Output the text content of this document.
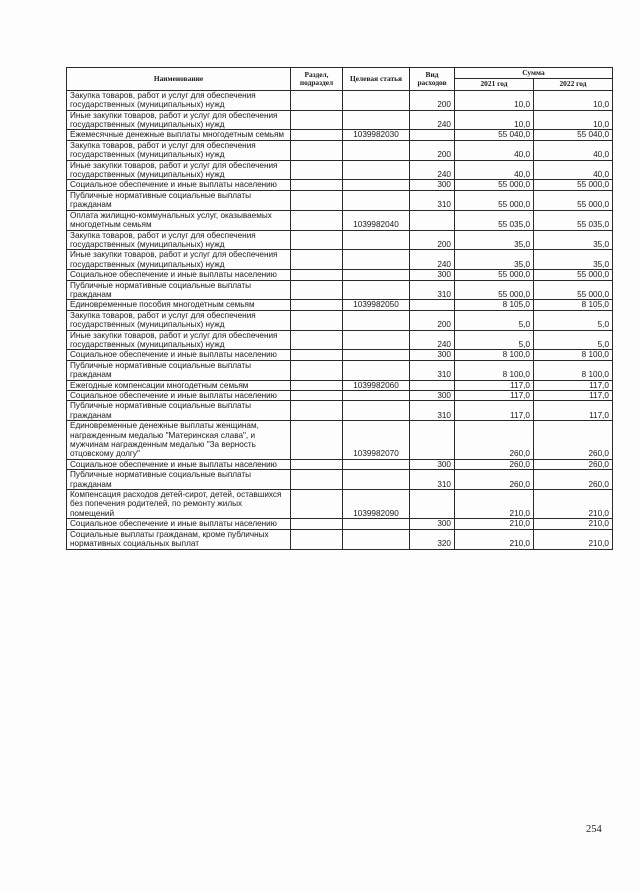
Наименование	Раздел, подраздел	Целевая статья	Вид расходов	Сумма	
				2021 год	2022 год
Закупка товаров, работ и услуг для обеспечения государственных (муниципальных) нужд			200	10,0	10,0
Иные закупки товаров, работ и услуг для обеспечения государственных (муниципальных) нужд			240	10,0	10,0
Ежемесячные денежные выплаты многодетным семьям		1039982030		55 040,0	55 040,0
Закупка товаров, работ и услуг для обеспечения государственных (муниципальных) нужд			200	40,0	40,0
Иные закупки товаров, работ и услуг для обеспечения государственных (муниципальных) нужд			240	40,0	40,0
Социальное обеспечение и иные выплаты населению			300	55 000,0	55 000,0
Публичные нормативные социальные выплаты гражданам			310	55 000,0	55 000,0
Оплата жилищно-коммунальных услуг, оказываемых многодетным семьям		1039982040		55 035,0	55 035,0
Закупка товаров, работ и услуг для обеспечения государственных (муниципальных) нужд			200	35,0	35,0
Иные закупки товаров, работ и услуг для обеспечения государственных (муниципальных) нужд			240	35,0	35,0
Социальное обеспечение и иные выплаты населению			300	55 000,0	55 000,0
Публичные нормативные социальные выплаты гражданам			310	55 000,0	55 000,0
Единовременные пособия многодетным семьям		1039982050		8 105,0	8 105,0
Закупка товаров, работ и услуг для обеспечения государственных (муниципальных) нужд			200	5,0	5,0
Иные закупки товаров, работ и услуг для обеспечения государственных (муниципальных) нужд			240	5,0	5,0
Социальное обеспечение и иные выплаты населению			300	8 100,0	8 100,0
Публичные нормативные социальные выплаты гражданам			310	8 100,0	8 100,0
Ежегодные компенсации многодетным семьям		1039982060		117,0	117,0
Социальное обеспечение и иные выплаты населению			300	117,0	117,0
Публичные нормативные социальные выплаты гражданам			310	117,0	117,0
Единовременные денежные выплаты женщинам, награжденным медалью "Материнская слава", и мужчинам награжденным медалью "За верность отцовскому долгу"		1039982070		260,0	260,0
Социальное обеспечение и иные выплаты населению			300	260,0	260,0
Публичные нормативные социальные выплаты гражданам			310	260,0	260,0
Компенсация расходов детей-сирот, детей, оставшихся без попечения родителей, по ремонту жилых помещений		1039982090		210,0	210,0
Социальное обеспечение и иные выплаты населению			300	210,0	210,0
Социальные выплаты гражданам, кроме публичных нормативных социальных выплат			320	210,0	210,0
254
